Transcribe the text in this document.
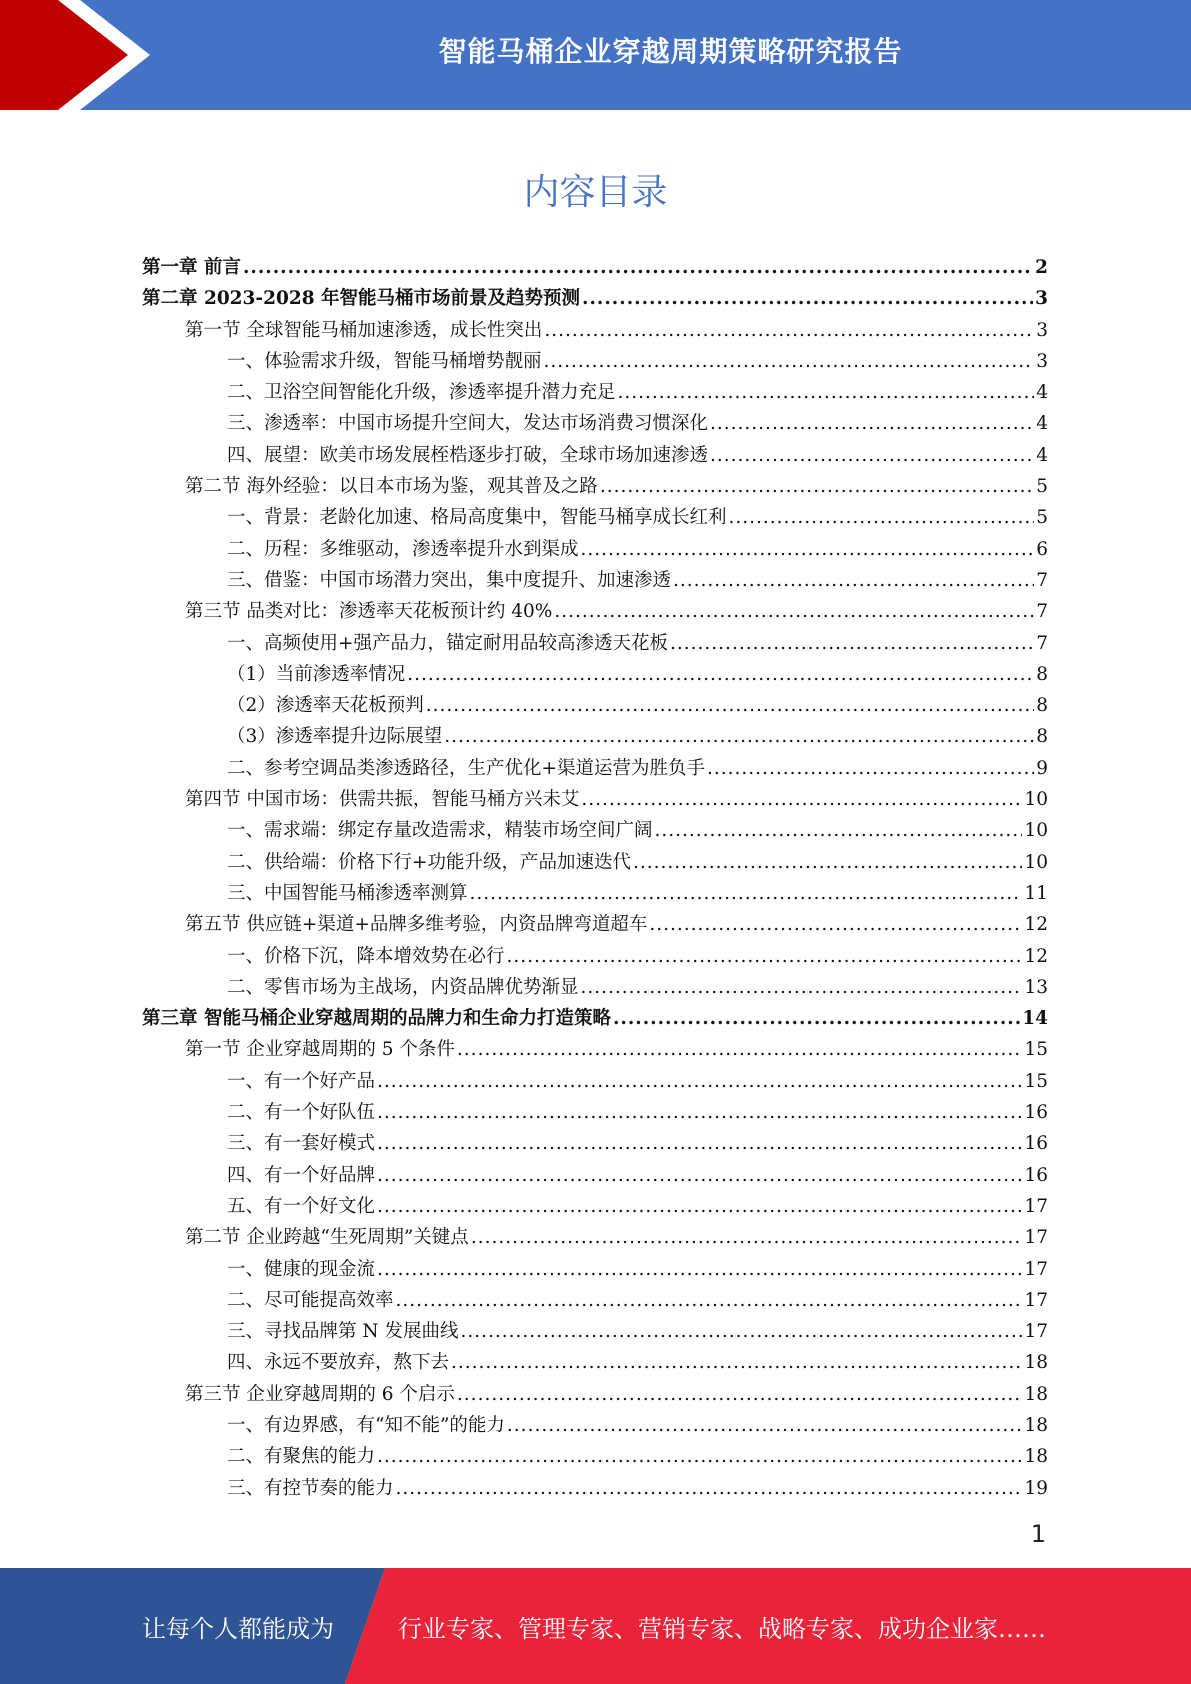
智能马桶企业穿越周期策略研究报告
内容目录
第一章 前言 .....	2
第二章 2023-2028 年智能马桶市场前景及趋势预测 .....	3
第一节 全球智能马桶加速渗透，成长性突出 .....	3
一、体验需求升级，智能马桶增势靓丽 .....	3
二、卫浴空间智能化升级，渗透率提升潜力充足 .....	4
三、渗透率：中国市场提升空间大，发达市场消费习惯深化 .....	4
四、展望：欧美市场发展桎梏逐步打破，全球市场加速渗透 .....	4
第二节 海外经验：以日本市场为鉴，观其普及之路 .....	5
一、背景：老龄化加速、格局高度集中，智能马桶享成长红利 .....	5
二、历程：多维驱动，渗透率提升水到渠成 .....	6
三、借鉴：中国市场潜力突出，集中度提升、加速渗透 .....	7
第三节 品类对比：渗透率天花板预计约 40% .....	7
一、高频使用+强产品力，锚定耐用品较高渗透天花板 .....	7
（1）当前渗透率情况 .....	8
（2）渗透率天花板预判 .....	8
（3）渗透率提升边际展望 .....	8
二、参考空调品类渗透路径，生产优化+渠道运营为胜负手 .....	9
第四节 中国市场：供需共振，智能马桶方兴未艾 .....	10
一、需求端：绑定存量改造需求，精装市场空间广阔 .....	10
二、供给端：价格下行+功能升级，产品加速迭代 .....	10
三、中国智能马桶渗透率测算 .....	11
第五节 供应链+渠道+品牌多维考验，内资品牌弯道超车 .....	12
一、价格下沉，降本增效势在必行 .....	12
二、零售市场为主战场，内资品牌优势渐显 .....	13
第三章 智能马桶企业穿越周期的品牌力和生命力打造策略 .....	14
第一节 企业穿越周期的 5 个条件 .....	15
一、有一个好产品 .....	15
二、有一个好队伍 .....	16
三、有一套好模式 .....	16
四、有一个好品牌 .....	16
五、有一个好文化 .....	17
第二节 企业跨越“生死周期”关键点 .....	17
一、健康的现金流 .....	17
二、尽可能提高效率 .....	17
三、寻找品牌第 N 发展曲线 .....	17
四、永远不要放弃，熬下去 .....	18
第三节 企业穿越周期的 6 个启示 .....	18
一、有边界感，有“知不能”的能力 .....	18
二、有聚焦的能力 .....	18
三、有控节奏的能力 .....	19
1
让每个人都能成为	行业专家、管理专家、营销专家、战略专家、成功企业家……
